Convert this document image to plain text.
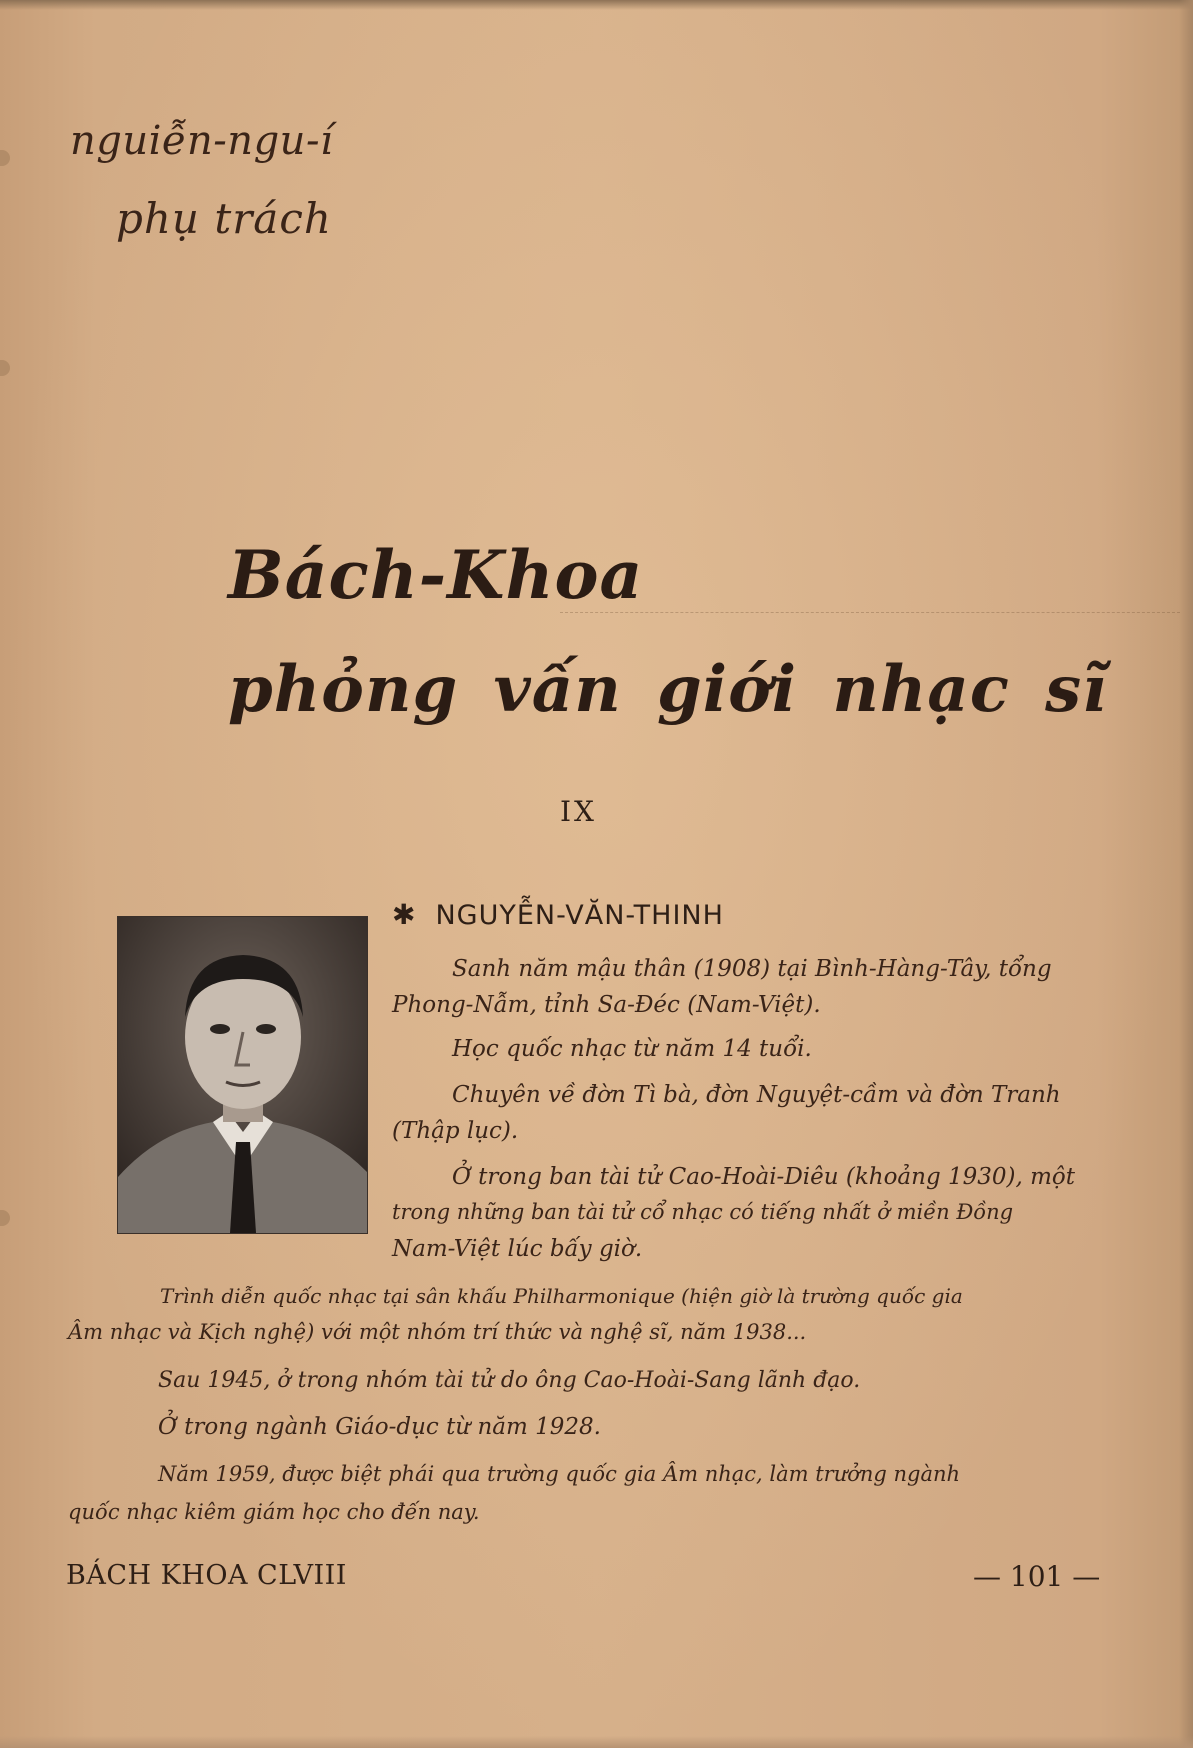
nguiễn-ngu-í
phụ trách
Bách-Khoa
phỏng vấn giới nhạc sĩ
IX
✱ NGUYỄN-VĂN-THINH
Sanh năm mậu thân (1908) tại Bình-Hàng-Tây, tổng
Phong-Nẫm, tỉnh Sa-Đéc (Nam-Việt).
Học quốc nhạc từ năm 14 tuổi.
Chuyên về đờn Tì bà, đờn Nguyệt-cầm và đờn Tranh
(Thập lục).
Ở trong ban tài tử Cao-Hoài-Diêu (khoảng 1930), một
trong những ban tài tử cổ nhạc có tiếng nhất ở miền Đồng
Nam-Việt lúc bấy giờ.
Trình diễn quốc nhạc tại sân khấu Philharmonique (hiện giờ là trường quốc gia
Âm nhạc và Kịch nghệ) với một nhóm trí thức và nghệ sĩ, năm 1938...
Sau 1945, ở trong nhóm tài tử do ông Cao-Hoài-Sang lãnh đạo.
Ở trong ngành Giáo-dục từ năm 1928.
Năm 1959, được biệt phái qua trường quốc gia Âm nhạc, làm trưởng ngành
quốc nhạc kiêm giám học cho đến nay.
BÁCH KHOA CLVIII	— 101 —
